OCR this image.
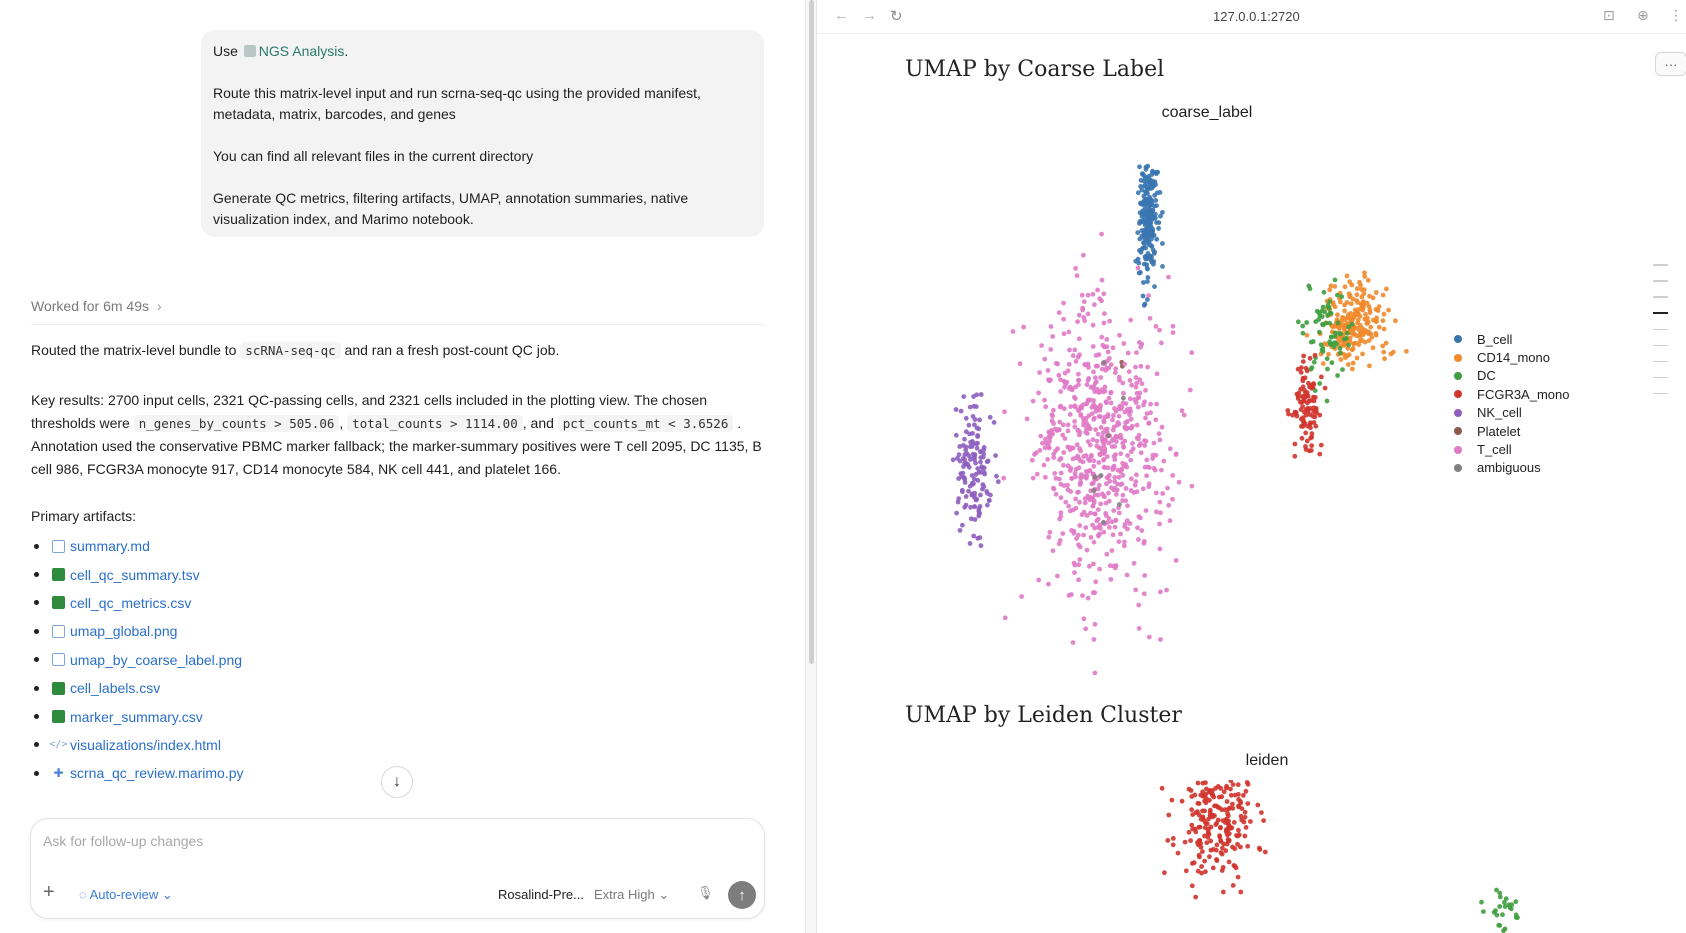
Use NGS Analysis.

Route this matrix-level input and run scrna-seq-qc using the provided manifest, metadata, matrix, barcodes, and genes

You can find all relevant files in the current directory

Generate QC metrics, filtering artifacts, UMAP, annotation summaries, native visualization index, and Marimo notebook.

Worked for 6m 49s ›
Routed the matrix-level bundle to scRNA-seq-qc and ran a fresh post-count QC job.
Key results: 2700 input cells, 2321 QC-passing cells, and 2321 cells included in the plotting view. The chosen thresholds were n_genes_by_counts > 505.06 , total_counts > 1114.00 , and pct_counts_mt < 3.6526 . Annotation used the conservative PBMC marker fallback; the marker-summary positives were T cell 2095, DC 1135, B cell 986, FCGR3A monocyte 917, CD14 monocyte 584, NK cell 441, and platelet 166.
Primary artifacts:
summary.md
cell_qc_summary.tsv
cell_qc_metrics.csv
umap_global.png
umap_by_coarse_label.png
cell_labels.csv
marker_summary.csv
</> visualizations/index.html
✚ scrna_qc_review.marimo.py	↓
Ask for follow-up changes
+ ◌ Auto-review ⌄	Rosalind-Pre... Extra High ⌄ 🎙 ↑
← → ↻	127.0.0.1:2720	⊡ ⊕ ⋮
···
UMAP by Coarse Label
coarse_label
B_cell
CD14_mono
DC
FCGR3A_mono
NK_cell
Platelet
T_cell
ambiguous
UMAP by Leiden Cluster
leiden
